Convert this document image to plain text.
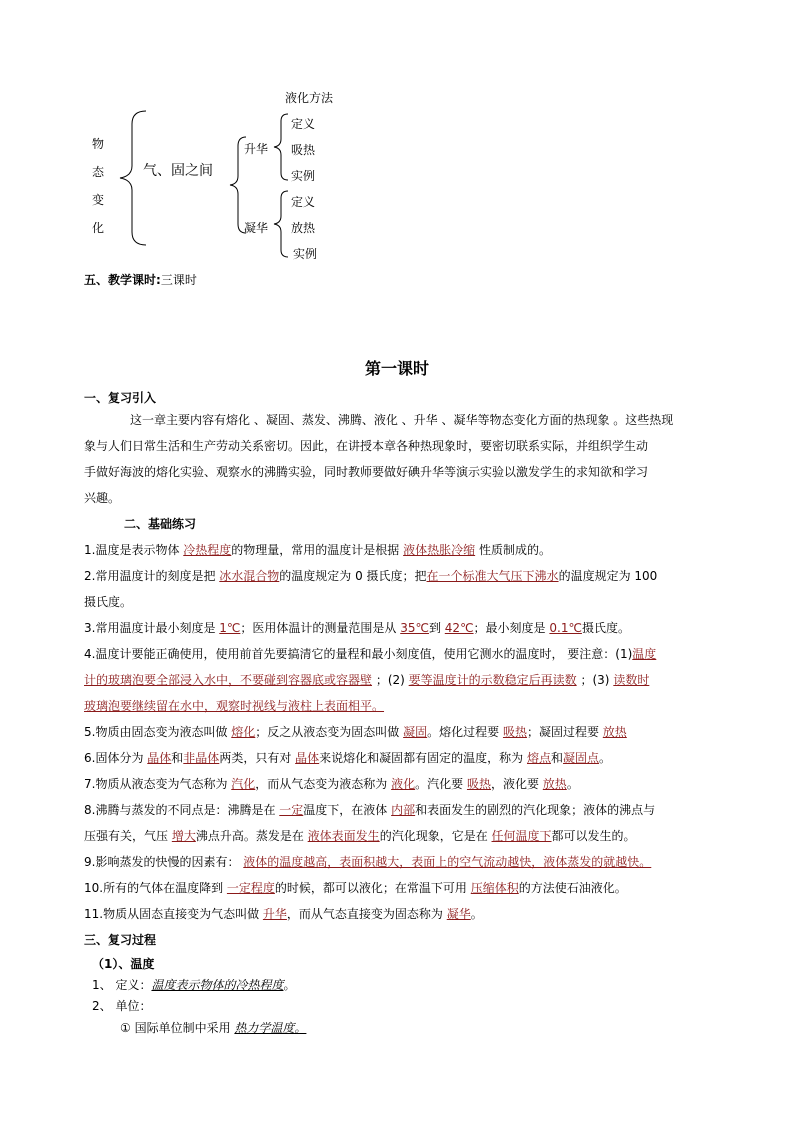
物
态
变
化
气、固之间
液化方法
升华
定义
吸热
实例
凝华
定义
放热
实例
五、教学课时:三课时
第一课时
一、复习引入
这一章主要内容有熔化 、凝固、蒸发、沸腾、液化 、升华 、凝华等物态变化方面的热现象 。这些热现
象与人们日常生活和生产劳动关系密切。因此，在讲授本章各种热现象时，要密切联系实际，并组织学生动
手做好海波的熔化实验、观察水的沸腾实验，同时教师要做好碘升华等演示实验以激发学生的求知欲和学习
兴趣。
二、基础练习
1.温度是表示物体 冷热程度的物理量，常用的温度计是根据 液体热胀冷缩 性质制成的。
2.常用温度计的刻度是把 冰水混合物的温度规定为 0 摄氏度；把在一个标准大气压下沸水的温度规定为 100
摄氏度。
3.常用温度计最小刻度是 1℃；医用体温计的测量范围是从 35℃到 42℃；最小刻度是 0.1℃摄氏度。
4.温度计要能正确使用，使用前首先要搞清它的量程和最小刻度值，使用它测水的温度时， 要注意：(1)温度
计的玻璃泡要全部浸入水中，不要碰到容器底或容器壁 ；(2) 要等温度计的示数稳定后再读数 ；(3) 读数时
玻璃泡要继续留在水中，观察时视线与液柱上表面相平。
5.物质由固态变为液态叫做 熔化；反之从液态变为固态叫做 凝固。熔化过程要 吸热；凝固过程要 放热
6.固体分为 晶体和非晶体两类，只有对 晶体来说熔化和凝固都有固定的温度，称为 熔点和凝固点。
7.物质从液态变为气态称为 汽化，而从气态变为液态称为 液化。汽化要 吸热，液化要 放热。
8.沸腾与蒸发的不同点是：沸腾是在 一定温度下，在液体 内部和表面发生的剧烈的汽化现象；液体的沸点与
压强有关，气压 增大沸点升高。蒸发是在 液体表面发生的汽化现象，它是在 任何温度下都可以发生的。
9.影响蒸发的快慢的因素有： 液体的温度越高，表面积越大，表面上的空气流动越快，液体蒸发的就越快。
10.所有的气体在温度降到 一定程度的时候，都可以液化；在常温下可用 压缩体积的方法使石油液化。
11.物质从固态直接变为气态叫做 升华，而从气态直接变为固态称为 凝华。
三、复习过程
（1）、温度
1、 定义：温度表示物体的冷热程度。
2、 单位：
① 国际单位制中采用 热力学温度。
